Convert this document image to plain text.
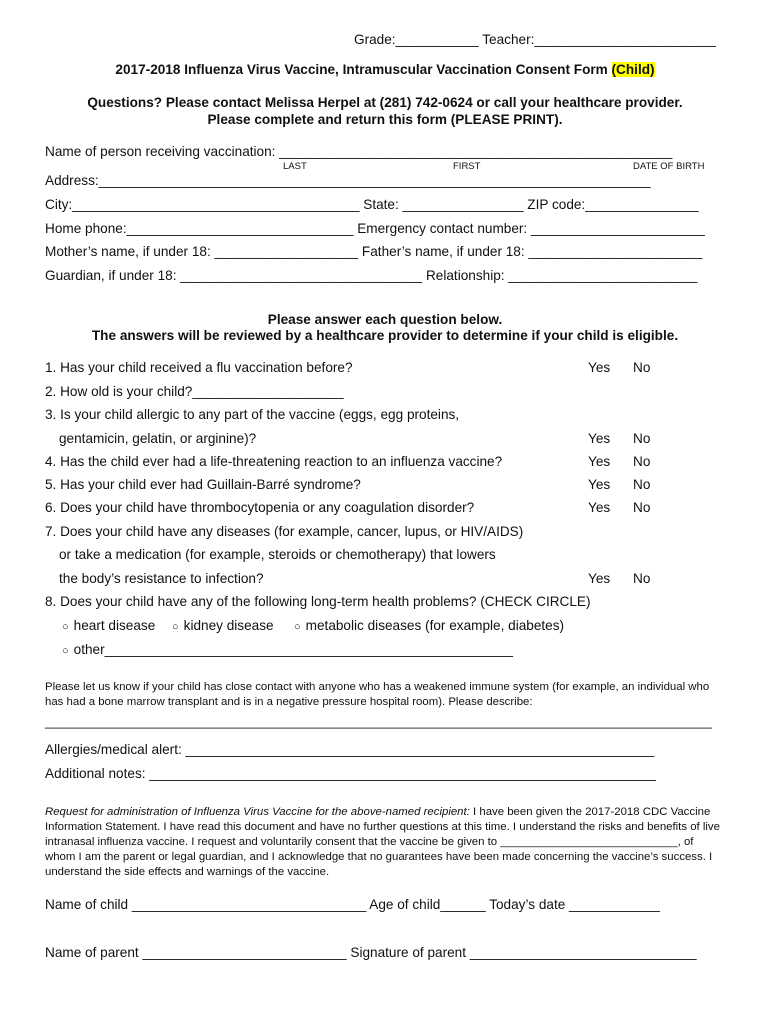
Grade:___________ Teacher:________________________
2017-2018 Influenza Virus Vaccine, Intramuscular Vaccination Consent Form (Child)
Questions? Please contact Melissa Herpel at (281) 742-0624 or call your healthcare provider.
Please complete and return this form (PLEASE PRINT).
Name of person receiving vaccination: ____________________________________________________
LAST	FIRST	DATE OF BIRTH
Address:_________________________________________________________________________
City:______________________________________ State: ________________ ZIP code:_______________
Home phone:______________________________ Emergency contact number: _______________________
Mother’s name, if under 18: ___________________ Father’s name, if under 18: _______________________
Guardian, if under 18: ________________________________ Relationship: _________________________
Please answer each question below.
The answers will be reviewed by a healthcare provider to determine if your child is eligible.
1. Has your child received a flu vaccination before?	Yes No
2. How old is your child?____________________
3. Is your child allergic to any part of the vaccine (eggs, egg proteins,
gentamicin, gelatin, or arginine)?	Yes No
4. Has the child ever had a life-threatening reaction to an influenza vaccine?	Yes No
5. Has your child ever had Guillain-Barré syndrome?	Yes No
6. Does your child have thrombocytopenia or any coagulation disorder?	Yes No
7. Does your child have any diseases (for example, cancer, lupus, or HIV/AIDS)
or take a medication (for example, steroids or chemotherapy) that lowers
the body’s resistance to infection?	Yes No
8. Does your child have any of the following long-term health problems? (CHECK CIRCLE)
○ heart disease	○ kidney disease	○ metabolic diseases (for example, diabetes)
○ other______________________________________________________
Please let us know if your child has close contact with anyone who has a weakened immune system (for example, an individual who has had a bone marrow transplant and is in a negative pressure hospital room). Please describe:
_____________________________________________________________________________________________
Allergies/medical alert: ______________________________________________________________
Additional notes: ___________________________________________________________________
Request for administration of Influenza Virus Vaccine for the above-named recipient: I have been given the 2017-2018 CDC Vaccine Information Statement. I have read this document and have no further questions at this time. I understand the risks and benefits of live intranasal influenza vaccine. I request and voluntarily consent that the vaccine be given to ____________________________, of whom I am the parent or legal guardian, and I acknowledge that no guarantees have been made concerning the vaccine’s success. I understand the side effects and warnings of the vaccine.
Name of child _______________________________ Age of child______ Today’s date ____________
Name of parent ___________________________ Signature of parent ______________________________
